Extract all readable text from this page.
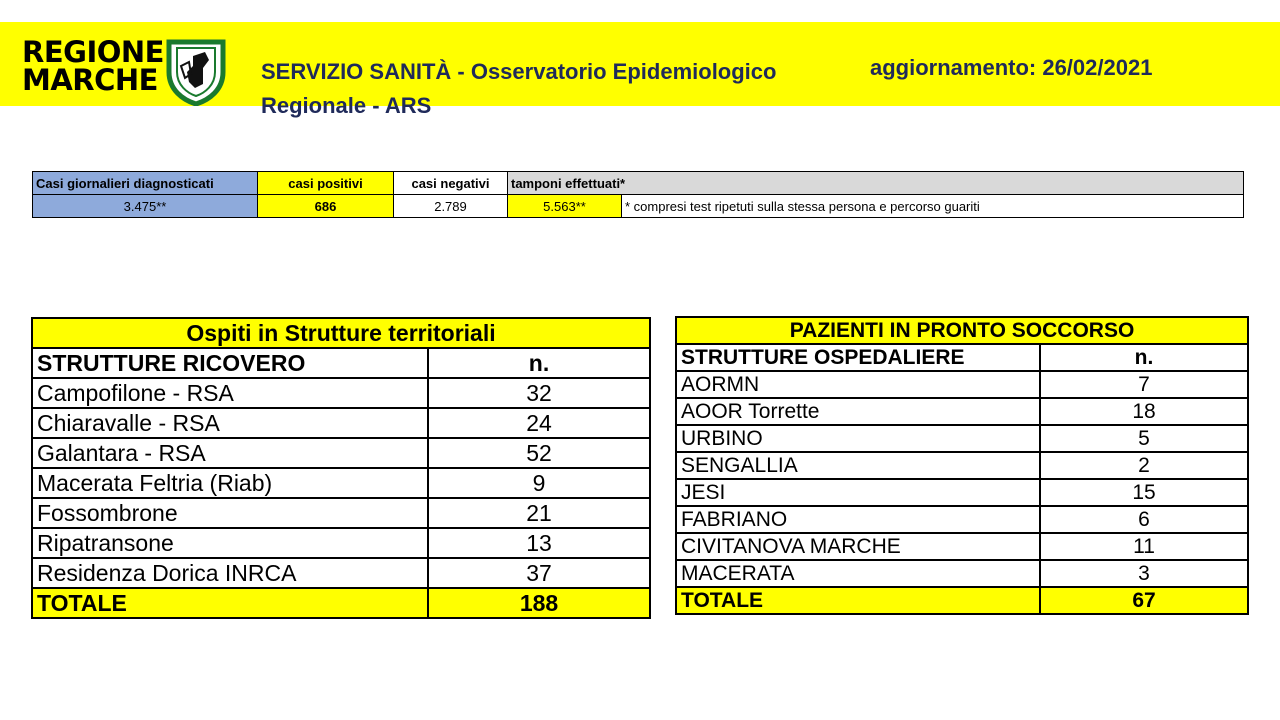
REGIONE
MARCHE	SERVIZIO SANITÀ - Osservatorio Epidemiologico
Regionale - ARS
aggiornamento: 26/02/2021
Casi giornalieri diagnosticati	casi positivi	casi negativi	tamponi effettuati*	
3.475**	686	2.789	5.563**	* compresi test ripetuti sulla stessa persona e percorso guariti
Ospiti in Strutture territoriali	
STRUTTURE RICOVERO	n.
Campofilone - RSA	32
Chiaravalle - RSA	24
Galantara - RSA	52
Macerata Feltria (Riab)	9
Fossombrone	21
Ripatransone	13
Residenza Dorica INRCA	37
TOTALE	188
PAZIENTI IN PRONTO SOCCORSO	
STRUTTURE OSPEDALIERE	n.
AORMN	7
AOOR Torrette	18
URBINO	5
SENGALLIA	2
JESI	15
FABRIANO	6
CIVITANOVA MARCHE	11
MACERATA	3
TOTALE	67
